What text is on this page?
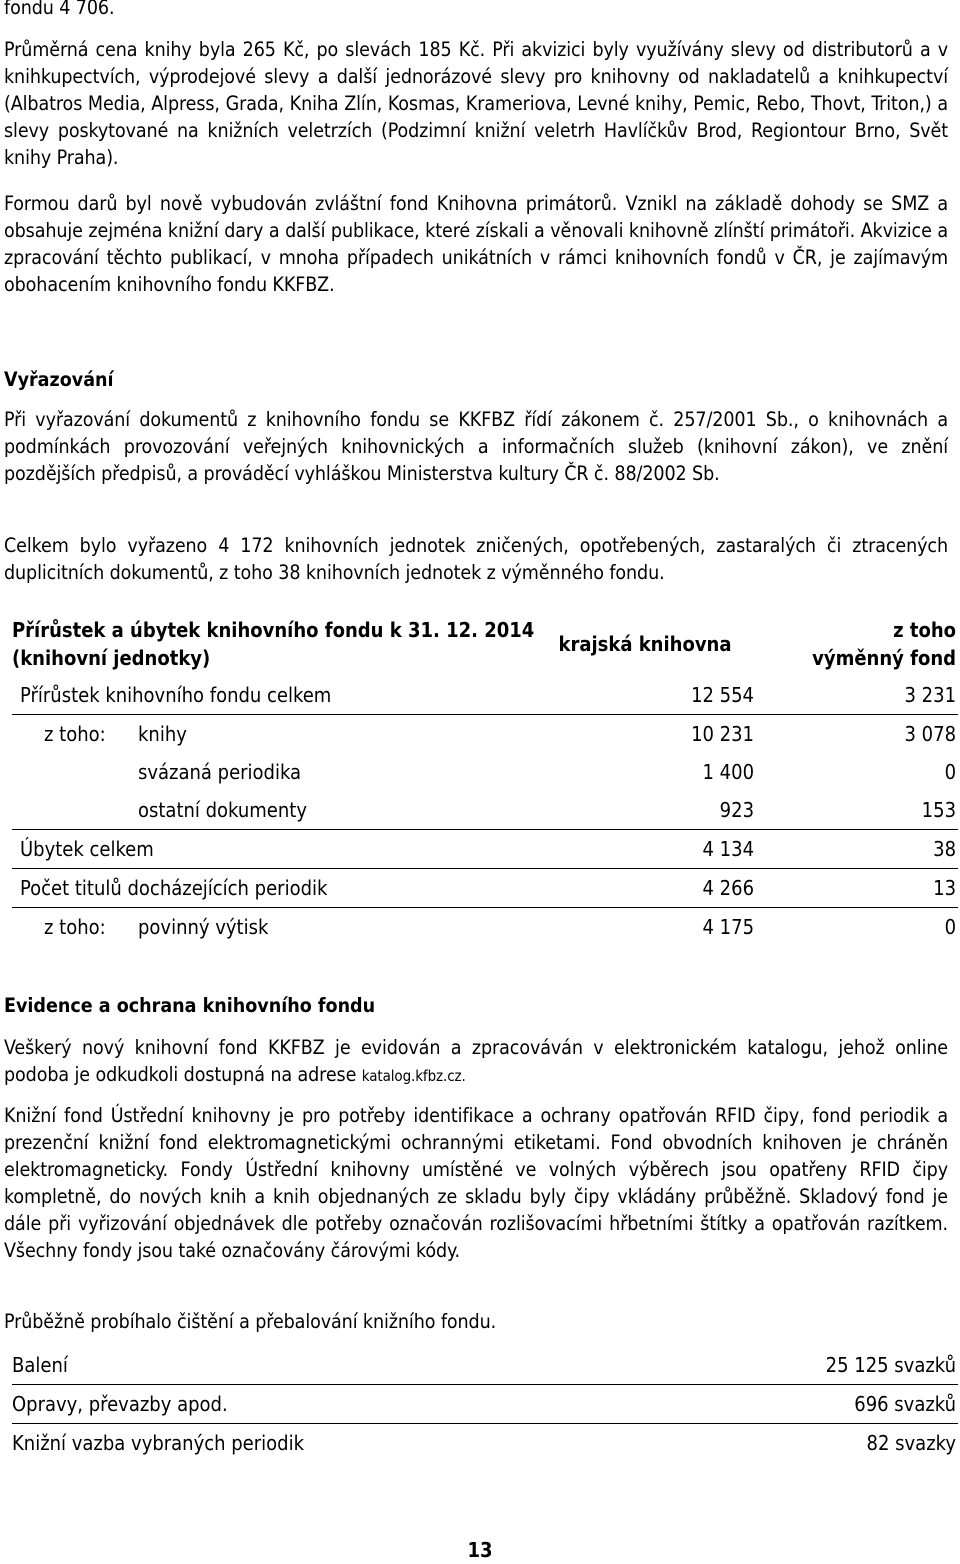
fondu 4 706.

Průměrná cena knihy byla 265 Kč, po slevách 185 Kč. Při akvizici byly využívány slevy od distributorů a v knihkupectvích, výprodejové slevy a další jednorázové slevy pro knihovny od nakladatelů a knihkupectví (Albatros Media, Alpress, Grada, Kniha Zlín, Kosmas, Krameriova, Levné knihy, Pemic, Rebo, Thovt, Triton,) a slevy poskytované na knižních veletrzích (Podzimní knižní veletrh Havlíčkův Brod, Regiontour Brno, Svět knihy Praha).

Formou darů byl nově vybudován zvláštní fond Knihovna primátorů. Vznikl na základě dohody se SMZ a obsahuje zejména knižní dary a další publikace, které získali a věnovali knihovně zlínští primátoři. Akvizice a zpracování těchto publikací, v mnoha případech unikátních v rámci knihovních fondů v ČR, je zajímavým obohacením knihovního fondu KKFBZ.

Vyřazování

Při vyřazování dokumentů z knihovního fondu se KKFBZ řídí zákonem č. 257/2001 Sb., o knihovnách a podmínkách provozování veřejných knihovnických a informačních služeb (knihovní zákon), ve znění pozdějších předpisů, a prováděcí vyhláškou Ministerstva kultury ČR č. 88/2002 Sb.

Celkem bylo vyřazeno 4 172 knihovních jednotek zničených, opotřebených, zastaralých či ztracených duplicitních dokumentů, z toho 38 knihovních jednotek z výměnného fondu.

Přírůstek a úbytek knihovního fondu k 31. 12. 2014
(knihovní jednotky)		krajská knihovna	z toho
výměnný fond
Přírůstek knihovního fondu celkem		12 554	3 231
z toho:	knihy	10 231	3 078
	svázaná periodika	1 400	0
	ostatní dokumenty	923	153
Úbytek celkem		4 134	38
Počet titulů docházejících periodik		4 266	13
z toho:	povinný výtisk	4 175	0
Evidence a ochrana knihovního fondu

Veškerý nový knihovní fond KKFBZ je evidován a zpracováván v elektronickém katalogu, jehož online podoba je odkudkoli dostupná na adrese katalog.kfbz.cz.

Knižní fond Ústřední knihovny je pro potřeby identifikace a ochrany opatřován RFID čipy, fond periodik a prezenční knižní fond elektromagnetickými ochrannými etiketami. Fond obvodních knihoven je chráněn elektromagneticky. Fondy Ústřední knihovny umístěné ve volných výběrech jsou opatřeny RFID čipy kompletně, do nových knih a knih objednaných ze skladu byly čipy vkládány průběžně. Skladový fond je dále při vyřizování objednávek dle potřeby označován rozlišovacími hřbetními štítky a opatřován razítkem. Všechny fondy jsou také označovány čárovými kódy.

Průběžně probíhalo čištění a přebalování knižního fondu.

Balení	25 125 svazků
Opravy, převazby apod.	696 svazků
Knižní vazba vybraných periodik	82 svazky
13
